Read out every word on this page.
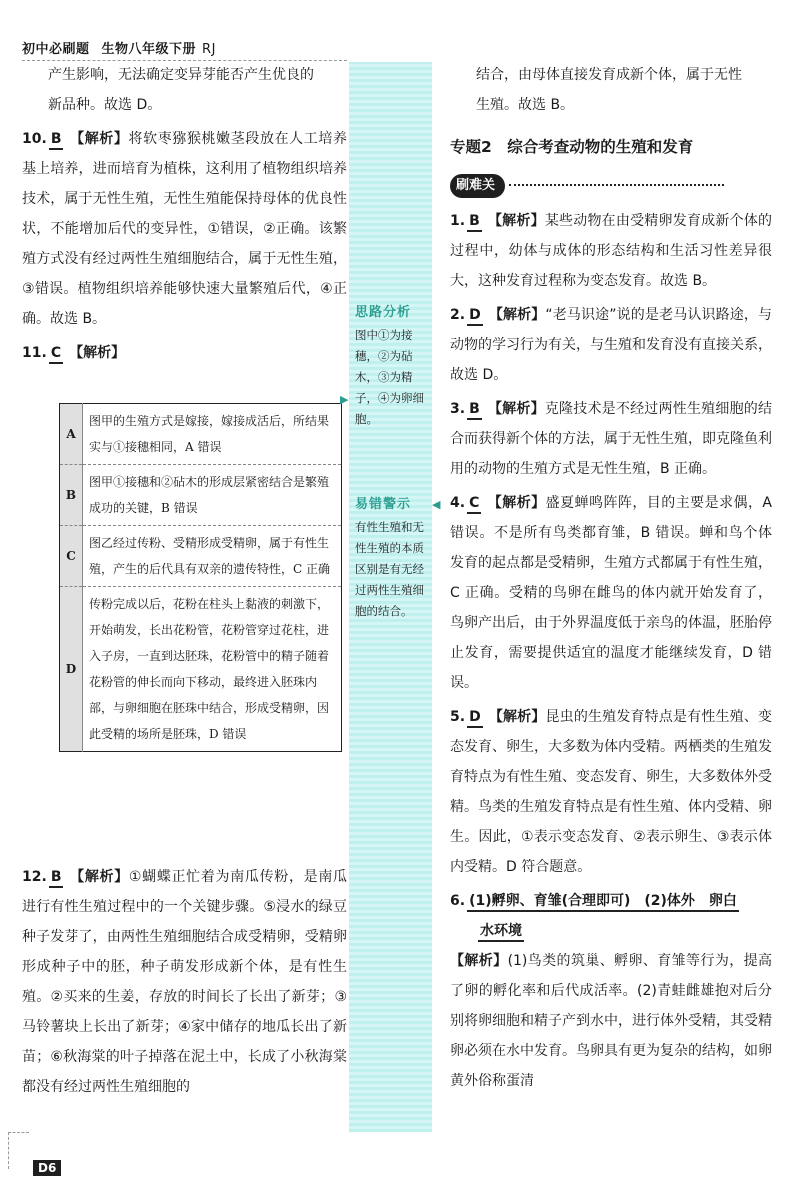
初中必刷题 生物八年级下册 RJ

产生影响，无法确定变异芽能否产生优良的

新品种。故选 D。

10. B 【解析】将软枣猕猴桃嫩茎段放在人工培养基上培养，进而培育为植株，这利用了植物组织培养技术，属于无性生殖，无性生殖能保持母体的优良性状，不能增加后代的变异性，①错误，②正确。该繁殖方式没有经过两性生殖细胞结合，属于无性生殖，③错误。植物组织培养能够快速大量繁殖后代，④正确。故选 B。

11. C 【解析】

A	图甲的生殖方式是嫁接，嫁接成活后，所结果实与①接穗相同，A 错误
B	图甲①接穗和②砧木的形成层紧密结合是繁殖成功的关键，B 错误
C	图乙经过传粉、受精形成受精卵，属于有性生殖，产生的后代具有双亲的遗传特性，C 正确
D	传粉完成以后，花粉在柱头上黏液的刺激下，开始萌发，长出花粉管，花粉管穿过花柱，进入子房，一直到达胚珠，花粉管中的精子随着花粉管的伸长而向下移动，最终进入胚珠内部，与卵细胞在胚珠中结合，形成受精卵，因此受精的场所是胚珠，D 错误

12. B 【解析】①蝴蝶正忙着为南瓜传粉，是南瓜进行有性生殖过程中的一个关键步骤。⑤浸水的绿豆种子发芽了，由两性生殖细胞结合成受精卵，受精卵形成种子中的胚，种子萌发形成新个体，是有性生殖。②买来的生姜，存放的时间长了长出了新芽；③马铃薯块上长出了新芽；④家中储存的地瓜长出了新苗；⑥秋海棠的叶子掉落在泥土中，长成了小秋海棠都没有经过两性生殖细胞的

思路分析
图中①为接穗，②为砧木，③为精子，④为卵细胞。
▶
易错警示
有性生殖和无性生殖的本质区别是有无经过两性生殖细胞的结合。
◀

结合，由母体直接发育成新个体，属于无性

生殖。故选 B。

专题2　综合考查动物的生殖和发育
刷难关

1. B 【解析】某些动物在由受精卵发育成新个体的过程中，幼体与成体的形态结构和生活习性差异很大，这种发育过程称为变态发育。故选 B。

2. D 【解析】“老马识途”说的是老马认识路途，与动物的学习行为有关，与生殖和发育没有直接关系，故选 D。

3. B 【解析】克隆技术是不经过两性生殖细胞的结合而获得新个体的方法，属于无性生殖，即克隆鱼利用的动物的生殖方式是无性生殖，B 正确。

4. C 【解析】盛夏蝉鸣阵阵，目的主要是求偶，A 错误。不是所有鸟类都育雏，B 错误。蝉和鸟个体发育的起点都是受精卵，生殖方式都属于有性生殖，C 正确。受精的鸟卵在雌鸟的体内就开始发育了，鸟卵产出后，由于外界温度低于亲鸟的体温，胚胎停止发育，需要提供适宜的温度才能继续发育，D 错误。

5. D 【解析】昆虫的生殖发育特点是有性生殖、变态发育、卵生，大多数为体内受精。两栖类的生殖发育特点为有性生殖、变态发育、卵生，大多数体外受精。鸟类的生殖发育特点是有性生殖、体内受精、卵生。因此，①表示变态发育、②表示卵生、③表示体内受精。D 符合题意。

6. (1)孵卵、育雏(合理即可)　(2)体外　卵白

水环境

【解析】(1)鸟类的筑巢、孵卵、育雏等行为，提高了卵的孵化率和后代成活率。(2)青蛙雌雄抱对后分别将卵细胞和精子产到水中，进行体外受精，其受精卵必须在水中发育。鸟卵具有更为复杂的结构，如卵黄外俗称蛋清

D6
